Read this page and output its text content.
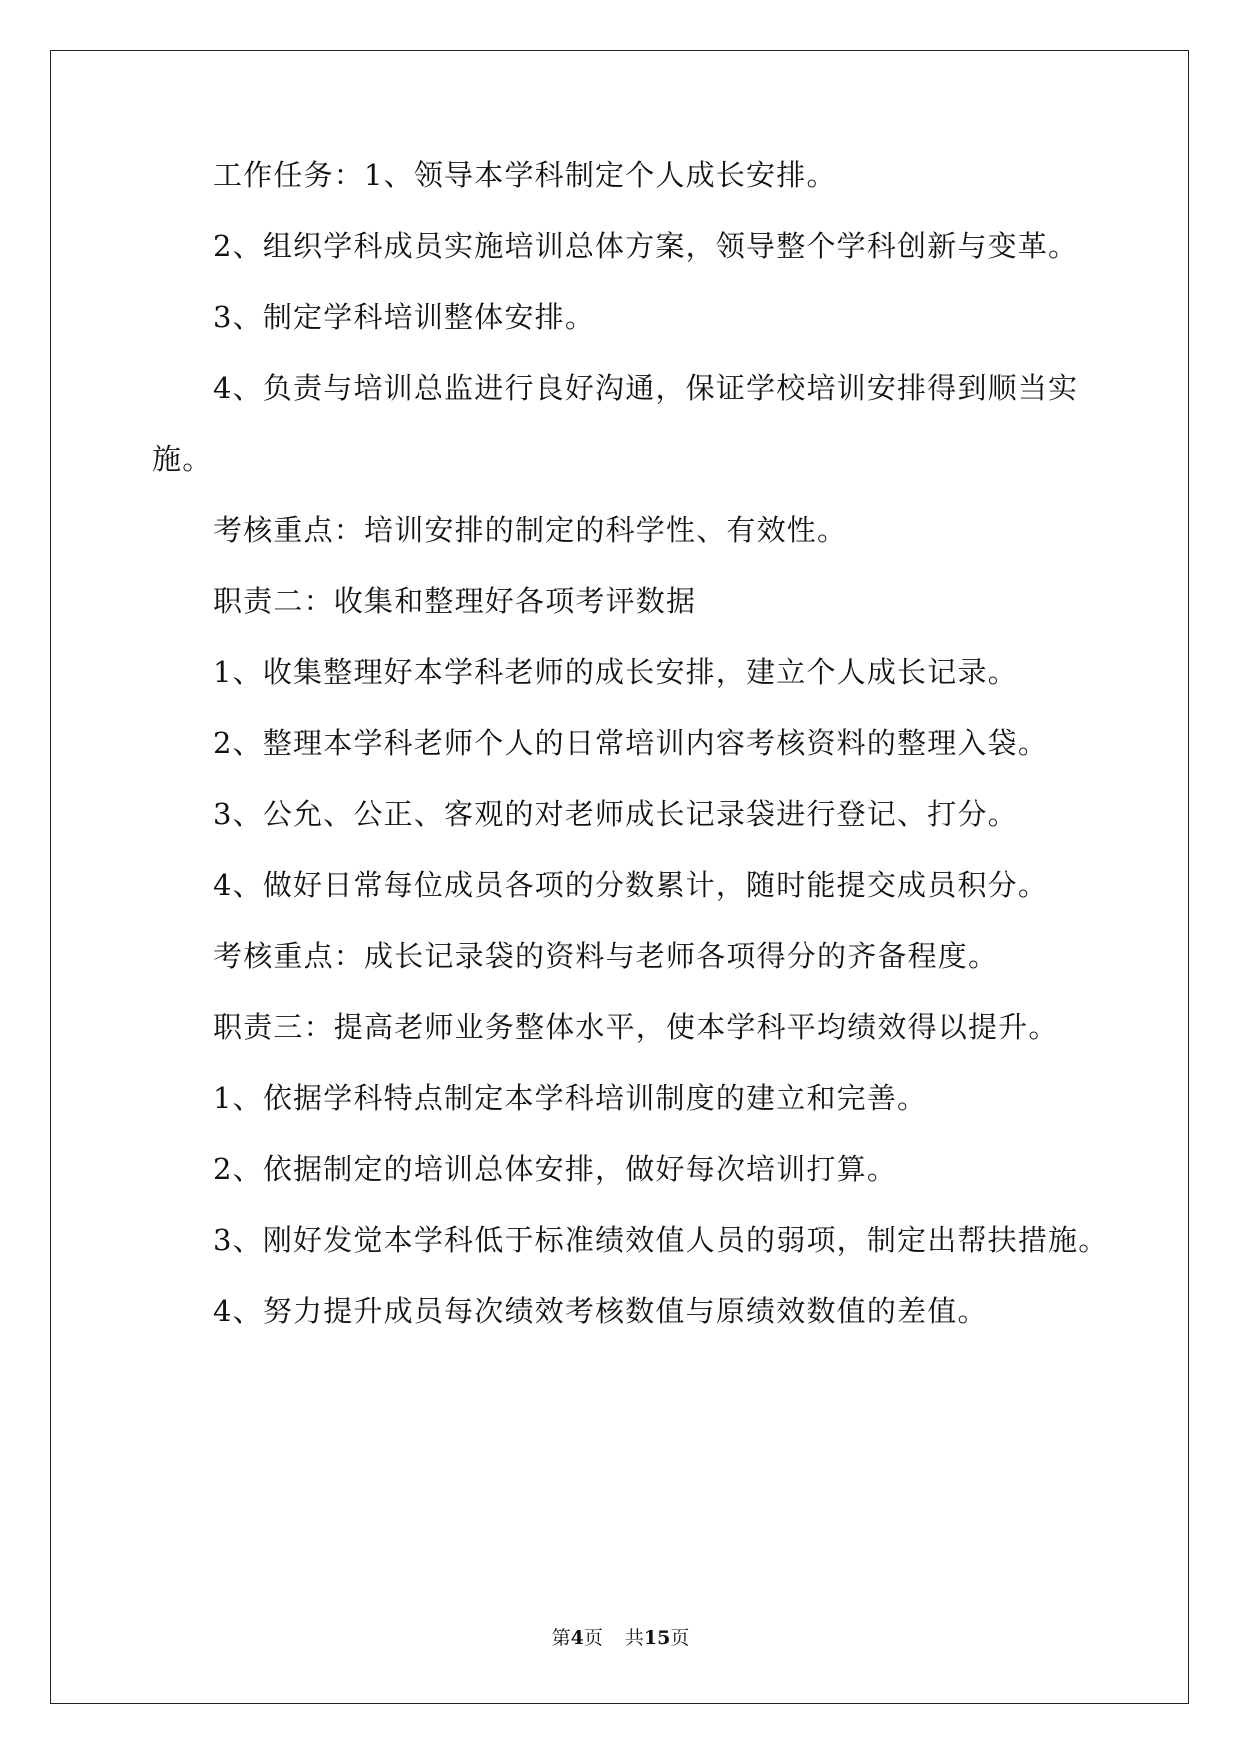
工作任务：1、领导本学科制定个人成长安排。
2、组织学科成员实施培训总体方案，领导整个学科创新与变革。
3、制定学科培训整体安排。
4、负责与培训总监进行良好沟通，保证学校培训安排得到顺当实
施。
考核重点：培训安排的制定的科学性、有效性。
职责二：收集和整理好各项考评数据
1、收集整理好本学科老师的成长安排，建立个人成长记录。
2、整理本学科老师个人的日常培训内容考核资料的整理入袋。
3、公允、公正、客观的对老师成长记录袋进行登记、打分。
4、做好日常每位成员各项的分数累计，随时能提交成员积分。
考核重点：成长记录袋的资料与老师各项得分的齐备程度。
职责三：提高老师业务整体水平，使本学科平均绩效得以提升。
1、依据学科特点制定本学科培训制度的建立和完善。
2、依据制定的培训总体安排，做好每次培训打算。
3、刚好发觉本学科低于标准绩效值人员的弱项，制定出帮扶措施。
4、努力提升成员每次绩效考核数值与原绩效数值的差值。
第4页 共15页
